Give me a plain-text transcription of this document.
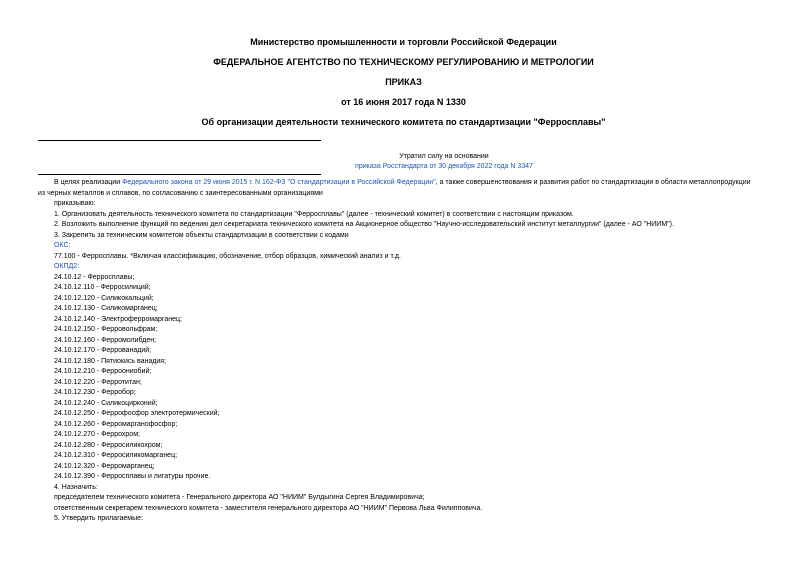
Министерство промышленности и торговли Российской Федерации
ФЕДЕРАЛЬНОЕ АГЕНТСТВО ПО ТЕХНИЧЕСКОМУ РЕГУЛИРОВАНИЮ И МЕТРОЛОГИИ
ПРИКАЗ
от 16 июня 2017 года N 1330
Об организации деятельности технического комитета по стандартизации "Ферросплавы"
Утратил силу на основании
приказа Росстандарта от 30 декабря 2022 года N 3347

В целях реализации Федерального закона от 29 июня 2015 г. N 162-ФЗ "О стандартизации в Российской Федерации", а также совершенствования и развития работ по стандартизации в области металлопродукции

из черных металлов и сплавов, по согласованию с заинтересованными организациями

приказываю:

1. Организовать деятельность технического комитета по стандартизации "Ферросплавы" (далее - технический комитет) в соответствии с настоящим приказом.

2. Возложить выполнение функций по ведению дел секретариата технического комитета на Акционерное общество "Научно-исследовательский институт металлургии" (далее - АО "НИИМ").

3. Закрепить за техническим комитетом объекты стандартизации в соответствии с кодами

ОКС:

77.100 - Ферросплавы. *Включая классификацию, обозначение, отбор образцов, химический анализ и т.д.

ОКПД2:

24.10.12 - Ферросплавы;

24.10.12.110 - Ферросилиций;

24.10.12.120 - Силикокальций;

24.10.12.130 - Силикомарганец;

24.10.12.140 - Электроферромарганец;

24.10.12.150 - Ферровольфрам;

24.10.12.160 - Ферромолибден;

24.10.12.170 - Феррованадий;

24.10.12.180 - Пятиокись ванадия;

24.10.12.210 - Ферроониобий;

24.10.12.220 - Ферротитан;

24.10.12.230 - Ферробор;

24.10.12.240 - Силикоцирконий;

24.10.12.250 - Феррофосфор электротермический;

24.10.12.260 - Ферромарганофосфор;

24.10.12.270 - Феррохром;

24.10.12.280 - Ферросиликохром;

24.10.12.310 - Ферросиликомарганец;

24.10.12.320 - Ферромарганец;

24.10.12.390 - Ферросплавы и лигатуры прочие.

4. Назначить:

председателем технического комитета - Генерального директора АО "НИИМ" Булдыгина Сергея Владимировича;

ответственным секретарем технического комитета - заместителя генерального директора АО "НИИМ" Первова Льва Филипповича.

5. Утвердить прилагаемые:
